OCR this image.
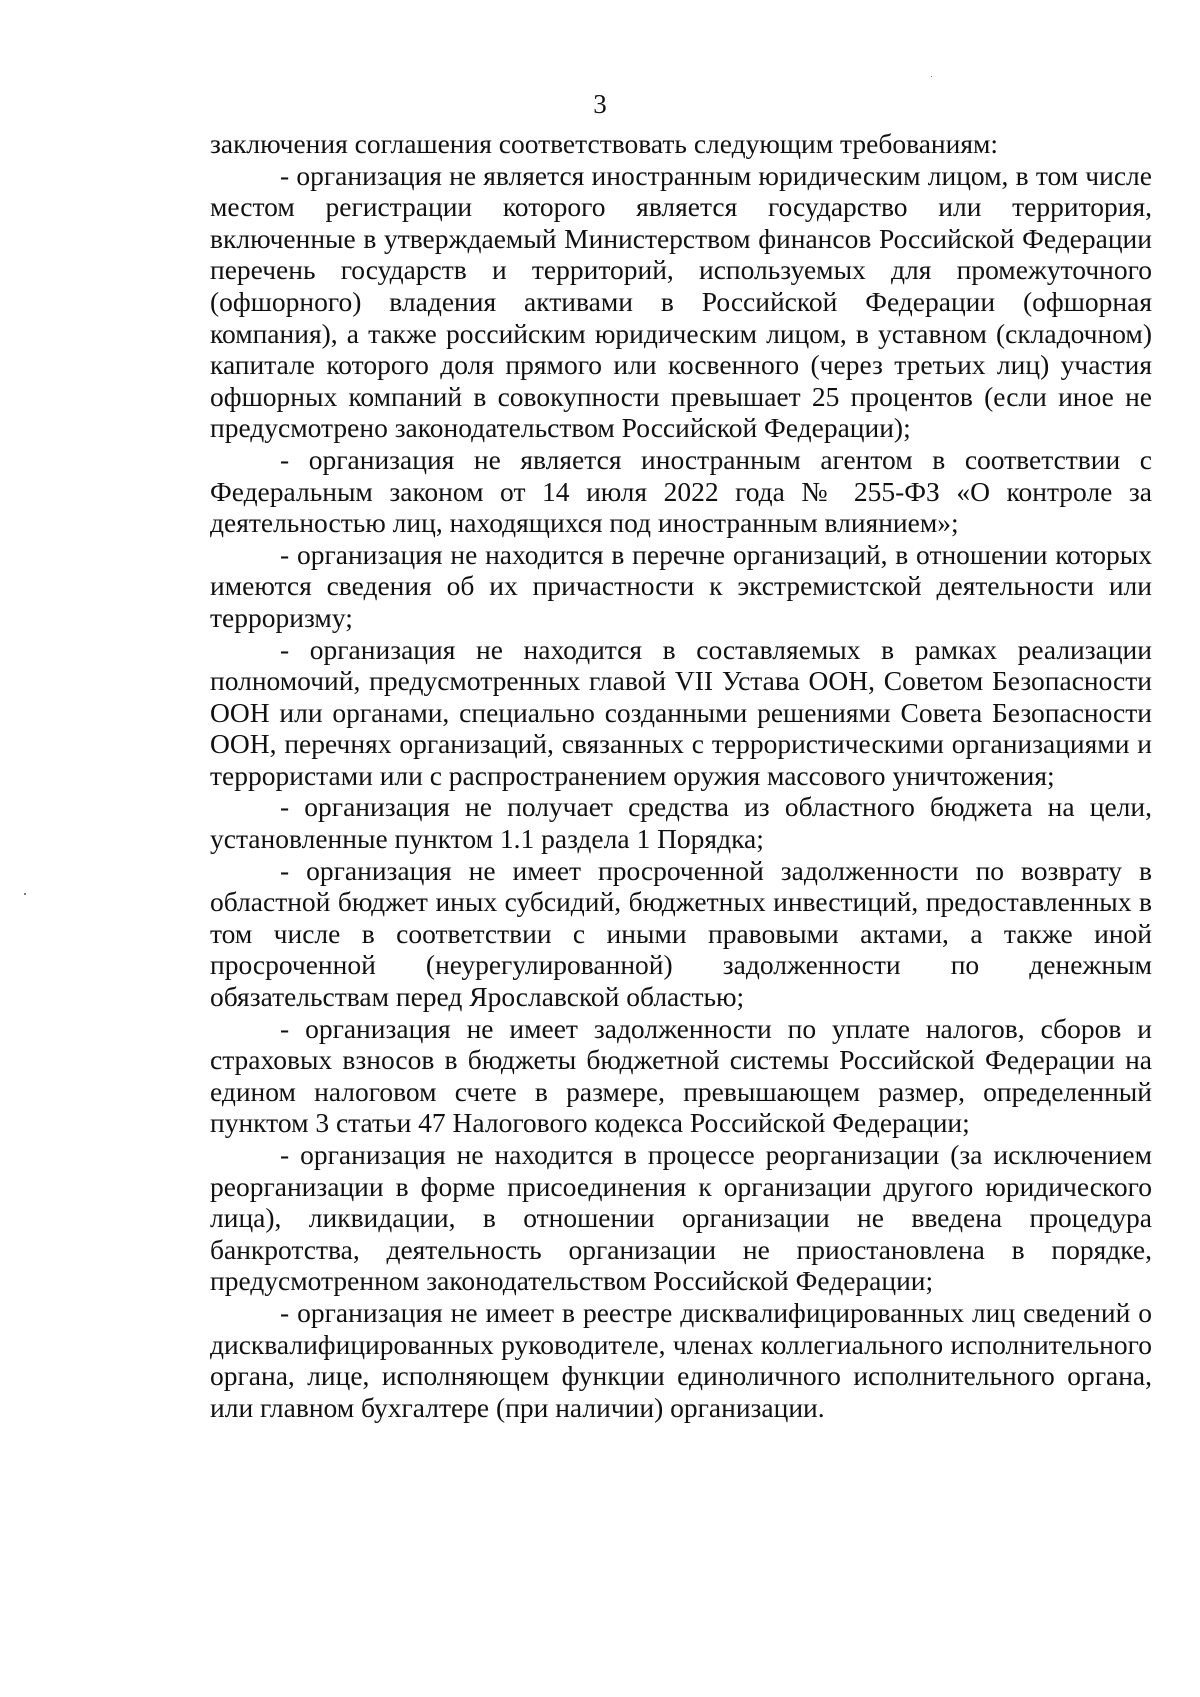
3

заключения соглашения соответствовать следующим требованиям:

- организация не является иностранным юридическим лицом, в том числе местом регистрации которого является государство или территория, включенные в утверждаемый Министерством финансов Российской Федерации перечень государств и территорий, используемых для промежуточного (офшорного) владения активами в Российской Федерации (офшорная компания), а также российским юридическим лицом, в уставном (складочном) капитале которого доля прямого или косвенного (через третьих лиц) участия офшорных компаний в совокупности превышает 25 процентов (если иное не предусмотрено законодательством Российской Федерации);

- организация не является иностранным агентом в соответствии с Федеральным законом от 14 июля 2022 года № 255-ФЗ «О контроле за деятельностью лиц, находящихся под иностранным влиянием»;

- организация не находится в перечне организаций, в отношении которых имеются сведения об их причастности к экстремистской деятельности или терроризму;

- организация не находится в составляемых в рамках реализации полномочий, предусмотренных главой VII Устава ООН, Советом Безопасности ООН или органами, специально созданными решениями Совета Безопасности ООН, перечнях организаций, связанных с террористическими организациями и террористами или с распространением оружия массового уничтожения;

- организация не получает средства из областного бюджета на цели, установленные пунктом 1.1 раздела 1 Порядка;

- организация не имеет просроченной задолженности по возврату в областной бюджет иных субсидий, бюджетных инвестиций, предоставленных в том числе в соответствии с иными правовыми актами, а также иной просроченной (неурегулированной) задолженности по денежным обязательствам перед Ярославской областью;

- организация не имеет задолженности по уплате налогов, сборов и страховых взносов в бюджеты бюджетной системы Российской Федерации на едином налоговом счете в размере, превышающем размер, определенный пунктом 3 статьи 47 Налогового кодекса Российской Федерации;

- организация не находится в процессе реорганизации (за исключением реорганизации в форме присоединения к организации другого юридического лица), ликвидации, в отношении организации не введена процедура банкротства, деятельность организации не приостановлена в порядке, предусмотренном законодательством Российской Федерации;

- организация не имеет в реестре дисквалифицированных лиц сведений о дисквалифицированных руководителе, членах коллегиального исполнительного органа, лице, исполняющем функции единоличного исполнительного органа, или главном бухгалтере (при наличии) организации.
